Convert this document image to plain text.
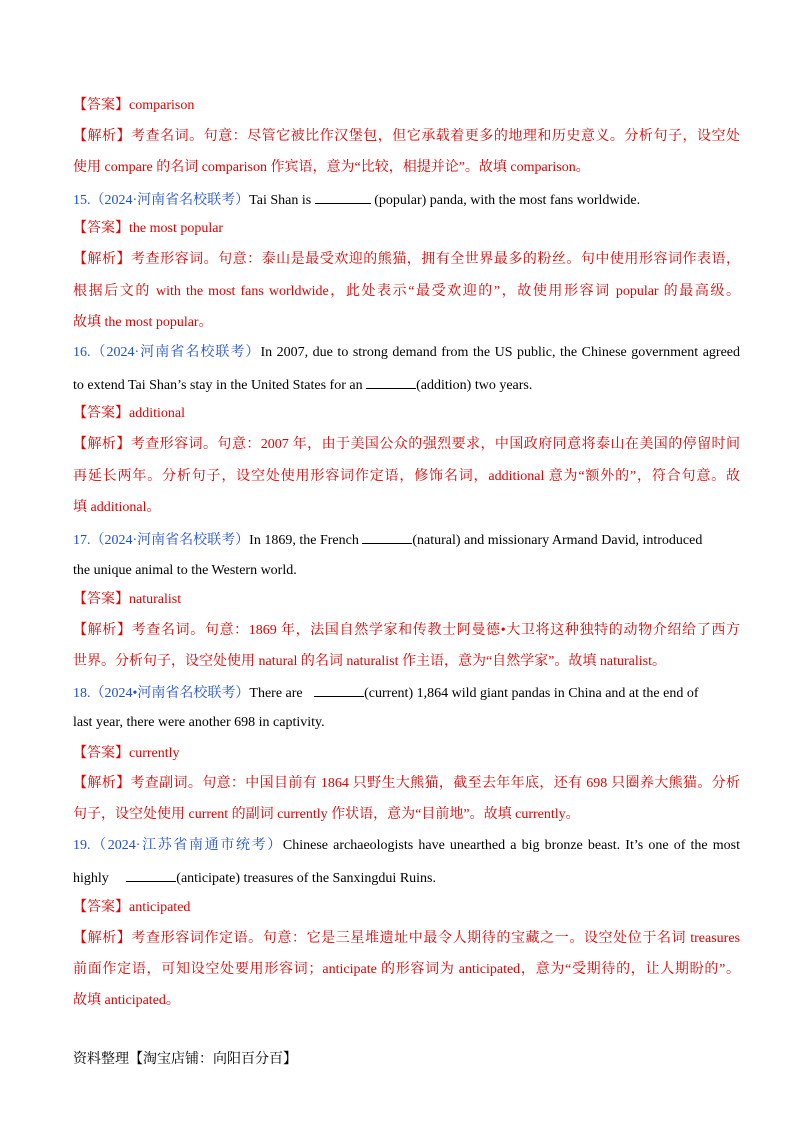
【答案】comparison
【解析】考查名词。句意：尽管它被比作汉堡包，但它承载着更多的地理和历史意义。分析句子，设空处
使用 compare 的名词 comparison 作宾语，意为“比较，相提并论”。故填 comparison。
15.（2024·河南省名校联考）Tai Shan is	(popular) panda, with the most fans worldwide.
【答案】the most popular
【解析】考查形容词。句意：泰山是最受欢迎的熊猫，拥有全世界最多的粉丝。句中使用形容词作表语，
根据后文的 with the most fans worldwide，此处表示“最受欢迎的”，故使用形容词 popular 的最高级。
故填 the most popular。
16.（2024·河南省名校联考）In 2007, due to strong demand from the US public, the Chinese government agreed
to extend Tai Shan’s stay in the United States for an	(addition) two years.
【答案】additional
【解析】考查形容词。句意：2007 年，由于美国公众的强烈要求，中国政府同意将泰山在美国的停留时间
再延长两年。分析句子，设空处使用形容词作定语，修饰名词，additional 意为“额外的”，符合句意。故
填 additional。
17.（2024·河南省名校联考）In 1869, the French	(natural) and missionary Armand David, introduced
the unique animal to the Western world.
【答案】naturalist
【解析】考查名词。句意：1869 年，法国自然学家和传教士阿曼德•大卫将这种独特的动物介绍给了西方
世界。分析句子，设空处使用 natural 的名词 naturalist 作主语，意为“自然学家”。故填 naturalist。
18.（2024•河南省名校联考）There are	(current) 1,864 wild giant pandas in China and at the end of
last year, there were another 698 in captivity.
【答案】currently
【解析】考查副词。句意：中国目前有 1864 只野生大熊猫，截至去年年底，还有 698 只圈养大熊猫。分析
句子，设空处使用 current 的副词 currently 作状语，意为“目前地”。故填 currently。
19.（2024·江苏省南通市统考）Chinese archaeologists have unearthed a big bronze beast. It’s one of the most
highly	(anticipate) treasures of the Sanxingdui Ruins.
【答案】anticipated
【解析】考查形容词作定语。句意：它是三星堆遗址中最令人期待的宝藏之一。设空处位于名词 treasures
前面作定语，可知设空处要用形容词；anticipate 的形容词为 anticipated，意为“受期待的，让人期盼的”。
故填 anticipated。
资料整理【淘宝店铺：向阳百分百】
